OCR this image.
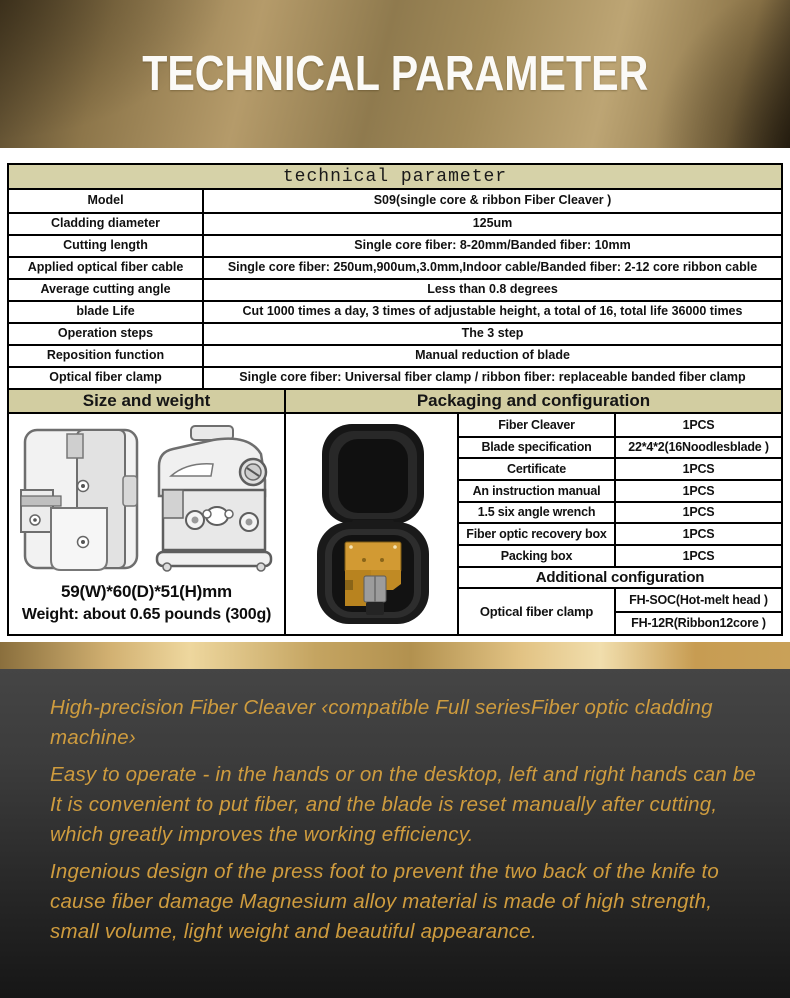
TECHNICAL PARAMETER
technical parameter
Model	S09(single core & ribbon Fiber Cleaver )
Cladding diameter	125um
Cutting length	Single core fiber: 8-20mm/Banded fiber: 10mm
Applied optical fiber cable	Single core fiber: 250um,900um,3.0mm,Indoor cable/Banded fiber: 2-12 core ribbon cable
Average cutting angle	Less than 0.8 degrees
blade Life	Cut 1000 times a day, 3 times of adjustable height, a total of 16, total life 36000 times
Operation steps	The 3 step
Reposition function	Manual reduction of blade
Optical fiber clamp	Single core fiber: Universal fiber clamp / ribbon fiber: replaceable banded fiber clamp
Size and weight	Packaging and configuration
59(W)*60(D)*51(H)mm
Weight: about 0.65 pounds (300g)
Fiber Cleaver	1PCS
Blade specification	22*4*2(16Noodlesblade )
Certificate	1PCS
An instruction manual	1PCS
1.5 six angle wrench	1PCS
Fiber optic recovery box	1PCS
Packing box	1PCS
Additional configuration
Optical fiber clamp
FH-SOC(Hot-melt head )
FH-12R(Ribbon12core )
High-precision Fiber Cleaver ‹compatible Full seriesFiber optic cladding
machine›
Easy to operate - in the hands or on the desktop, left and right hands can be
It is convenient to put fiber, and the blade is reset manually after cutting,
which greatly improves the working efficiency.
Ingenious design of the press foot to prevent the two back of the knife to
cause fiber damage Magnesium alloy material is made of high strength,
small volume, light weight and beautiful appearance.
